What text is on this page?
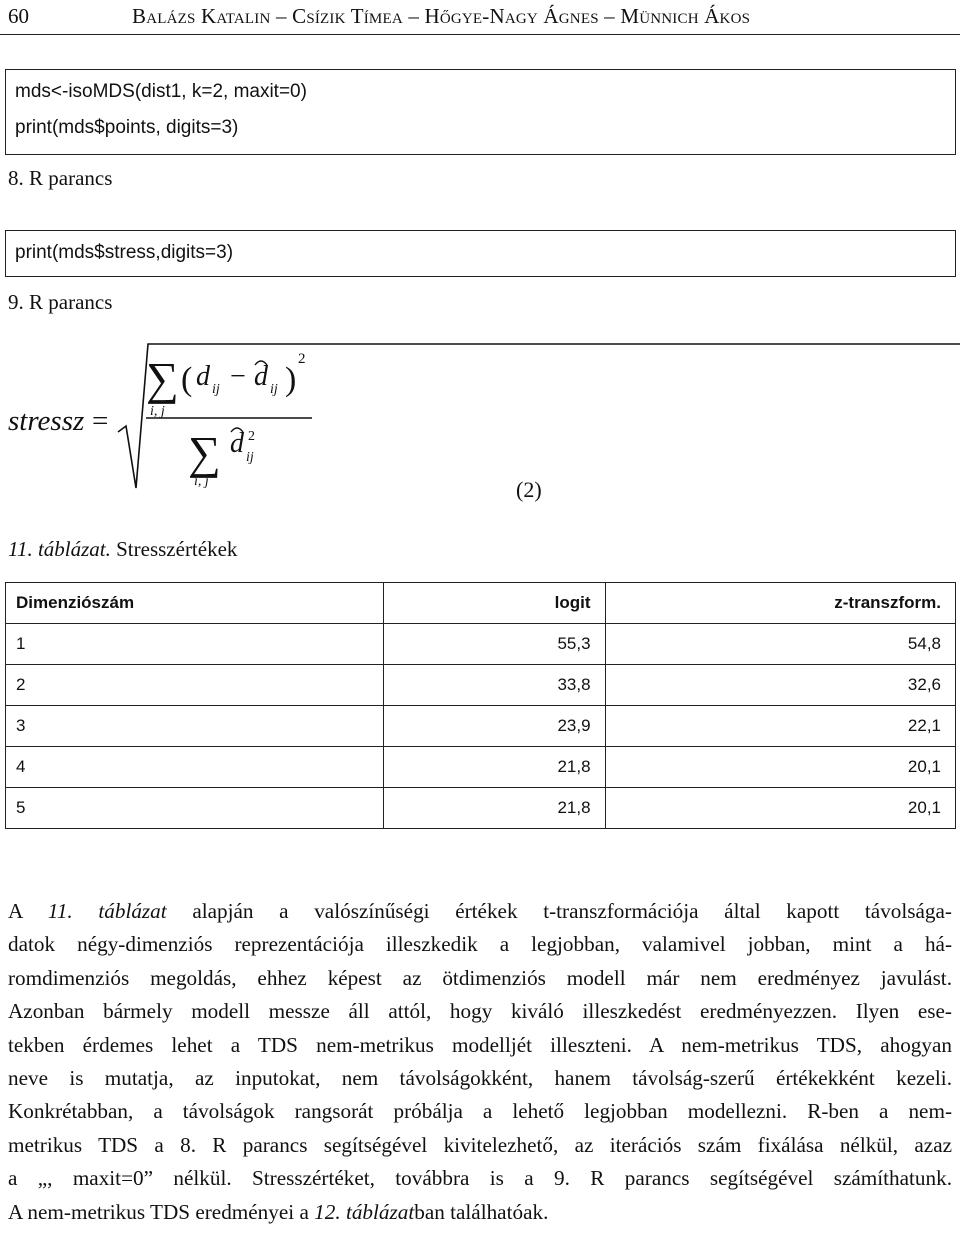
60	Balázs Katalin – Csízik Tímea – Hőgye-Nagy Ágnes – Münnich Ákos
mds<-isoMDS(dist1, k=2, maxit=0)
print(mds$points, digits=3)
8. R parancs
print(mds$stress,digits=3)
9. R parancs
stressz =
∑
i, j
( d ij − d ij )
2
∑
i, j
d 2
ij
(2)
11. táblázat. Stresszértékek
Dimenziószám	logit	z-transzform.
1	55,3	54,8
2	33,8	32,6
3	23,9	22,1
4	21,8	20,1
5	21,8	20,1
A 11. táblázat alapján a valószínűségi értékek t-transzformációja által kapott távolsága-
datok négy-dimenziós reprezentációja illeszkedik a legjobban, valamivel jobban, mint a há-
romdimenziós megoldás, ehhez képest az ötdimenziós modell már nem eredményez javulást.
Azonban bármely modell messze áll attól, hogy kiváló illeszkedést eredményezzen. Ilyen ese-
tekben érdemes lehet a TDS nem-metrikus modelljét illeszteni. A nem-metrikus TDS, ahogyan
neve is mutatja, az inputokat, nem távolságokként, hanem távolság-szerű értékekként kezeli.
Konkrétabban, a távolságok rangsorát próbálja a lehető legjobban modellezni. R-ben a nem-
metrikus TDS a 8. R parancs segítségével kivitelezhető, az iterációs szám fixálása nélkül, azaz
a „, maxit=0” nélkül. Stresszértéket, továbbra is a 9. R parancs segítségével számíthatunk.
A nem-metrikus TDS eredményei a 12. táblázatban találhatóak.
